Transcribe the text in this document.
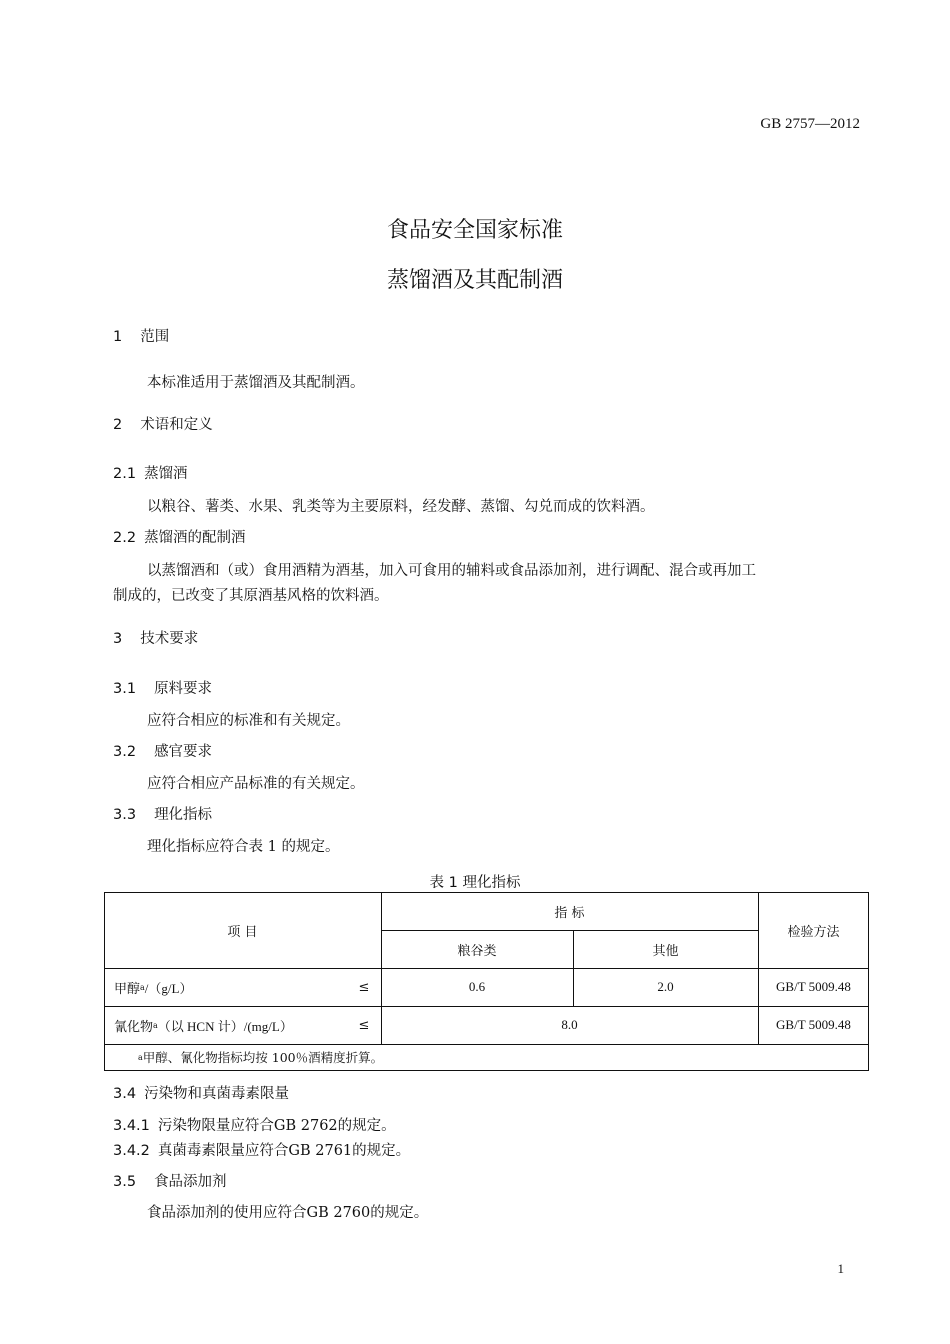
GB 2757—2012
食品安全国家标准
蒸馏酒及其配制酒
1 范围
本标准适用于蒸馏酒及其配制酒。
2 术语和定义
2.1 蒸馏酒
以粮谷、薯类、水果、乳类等为主要原料，经发酵、蒸馏、勾兑而成的饮料酒。
2.2 蒸馏酒的配制酒
以蒸馏酒和（或）食用酒精为酒基，加入可食用的辅料或食品添加剂，进行调配、混合或再加工
制成的，已改变了其原酒基风格的饮料酒。
3 技术要求
3.1 原料要求
应符合相应的标准和有关规定。
3.2 感官要求
应符合相应产品标准的有关规定。
3.3 理化指标
理化指标应符合表 1 的规定。
表 1 理化指标
项 目
指 标
粮谷类	其他
检验方法
甲醇 a /（g/L）	≤	0.6	2.0	GB/T 5009.48
氰化物 a （以 HCN 计）/(mg/L）	≤	8.0	GB/T 5009.48
a 甲醇、氰化物指标均按 100％酒精度折算。
3.4 污染物和真菌毒素限量
3.4.1 污染物限量应符合GB 2762的规定。
3.4.2 真菌毒素限量应符合GB 2761的规定。
3.5 食品添加剂
食品添加剂的使用应符合GB 2760的规定。
1
